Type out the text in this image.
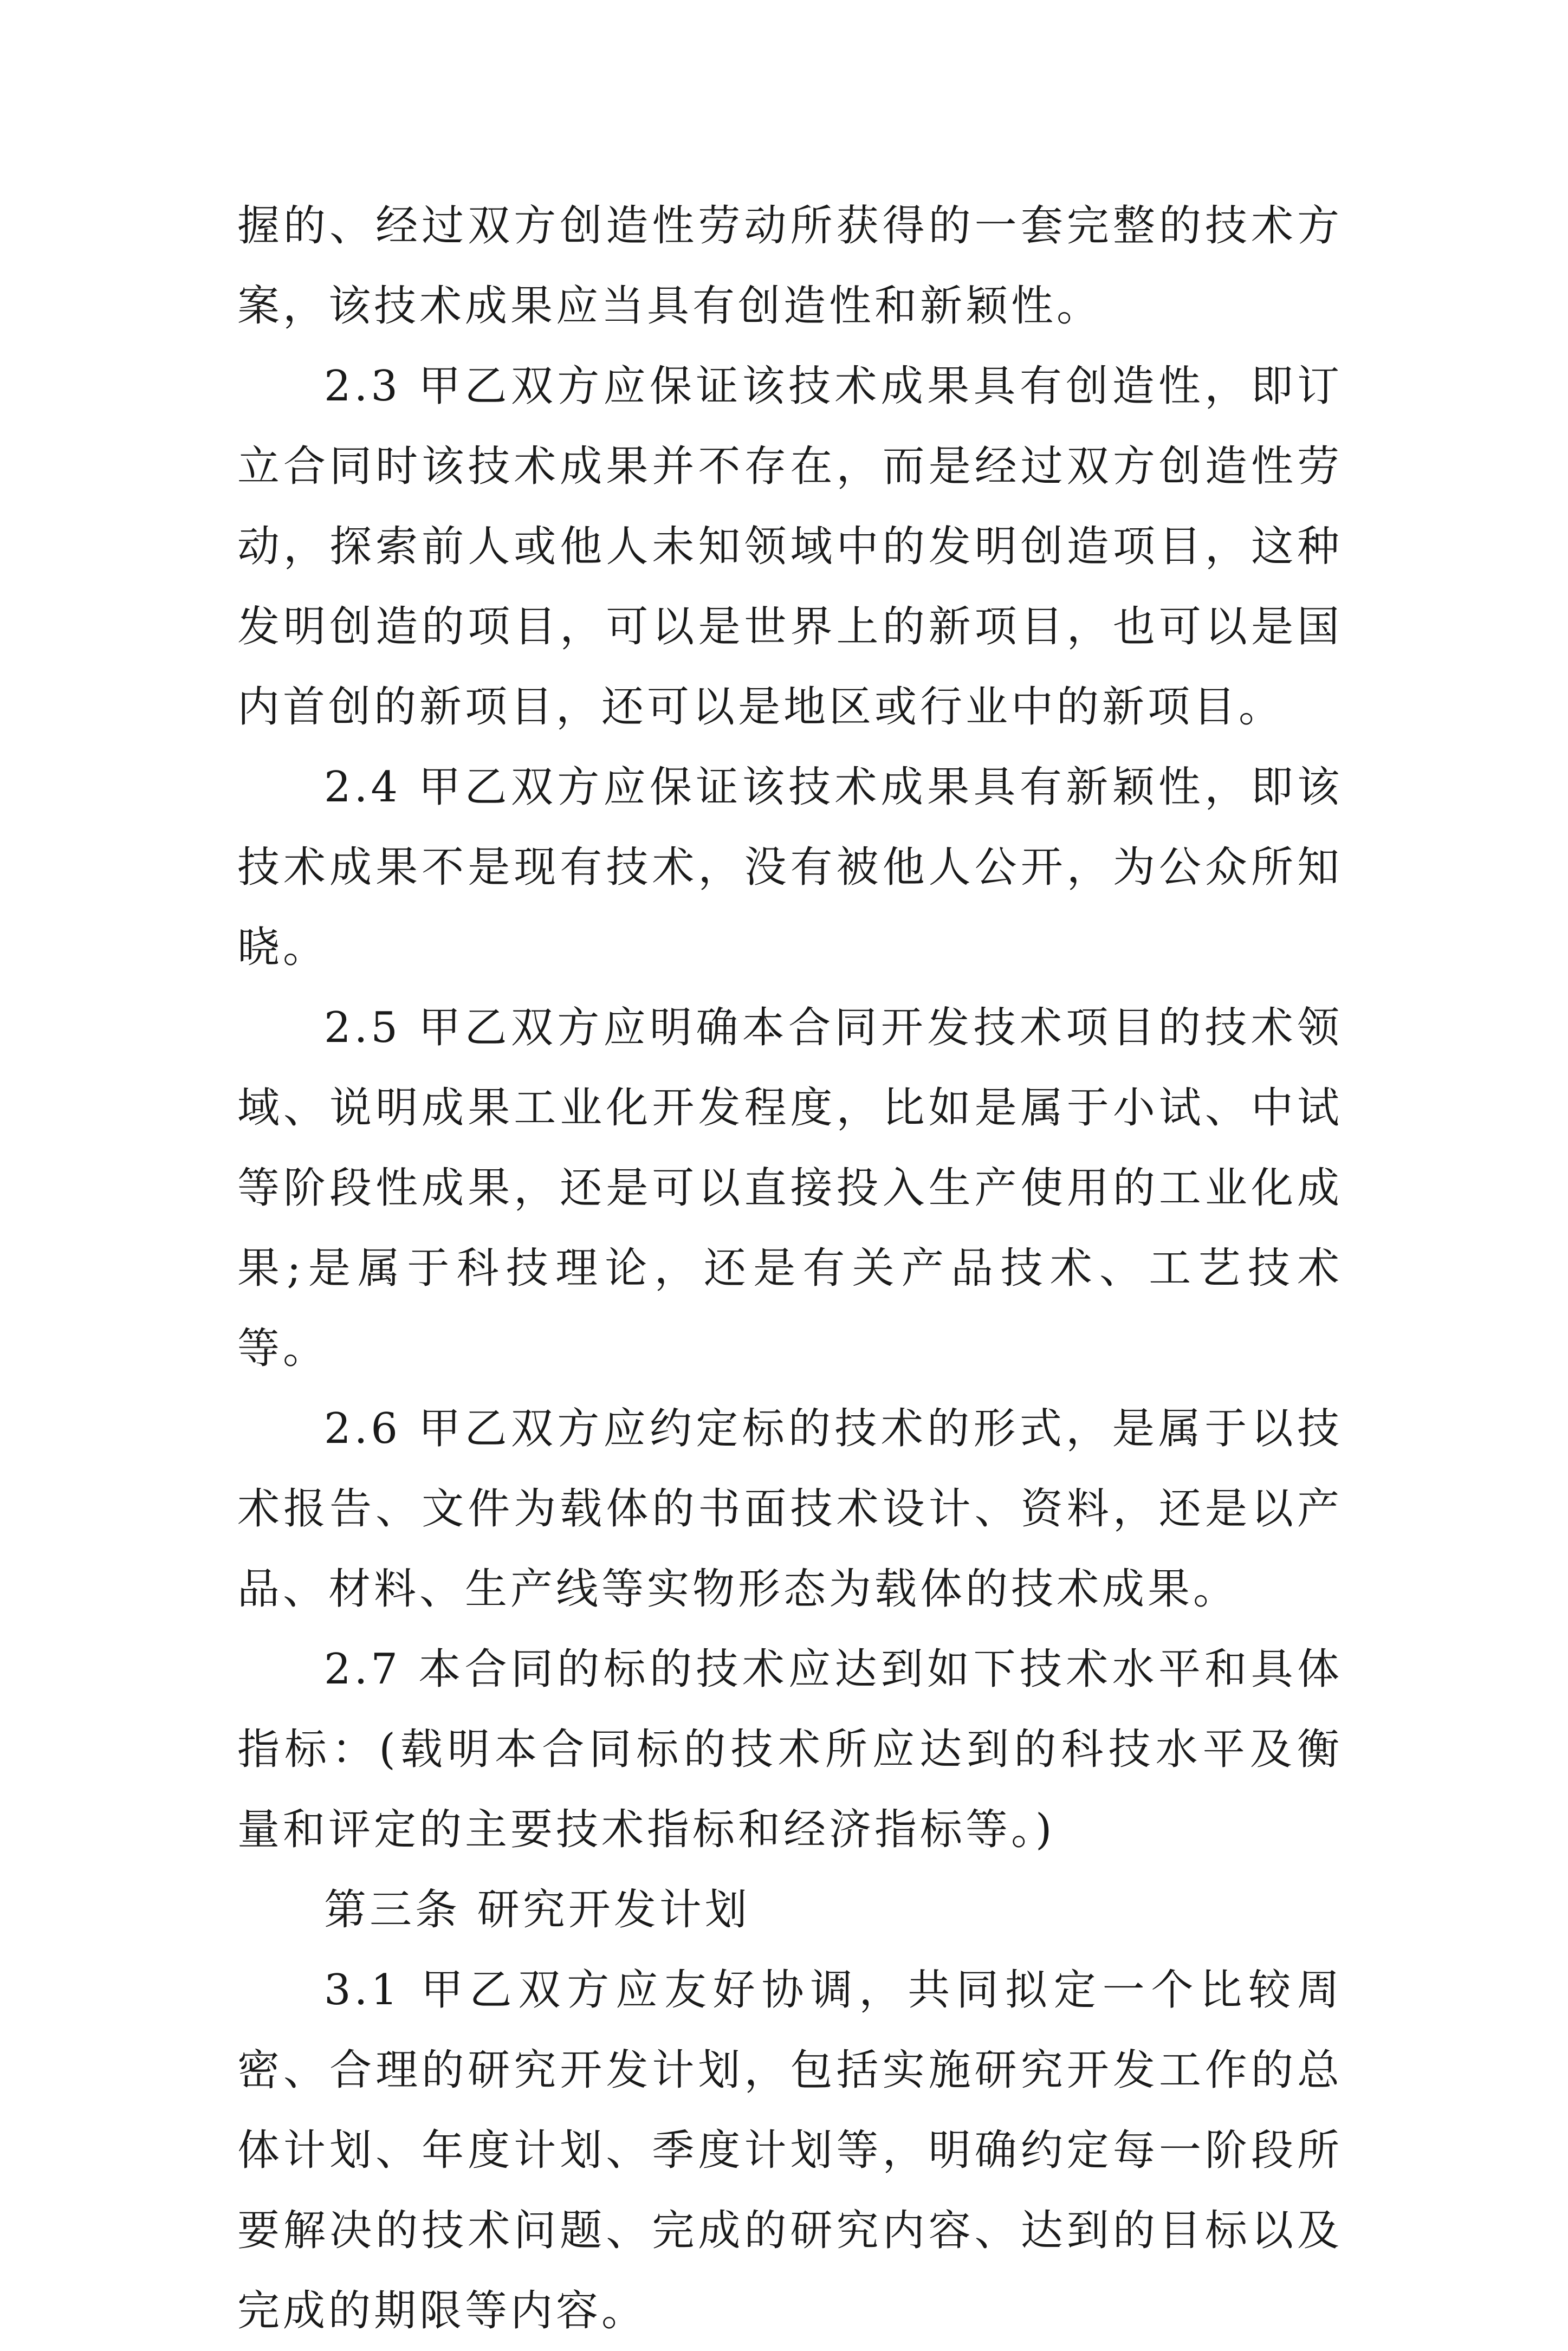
握的、经过双方创造性劳动所获得的一套完整的技术方案，该技术成果应当具有创造性和新颖性。

2.3 甲乙双方应保证该技术成果具有创造性，即订立合同时该技术成果并不存在，而是经过双方创造性劳动，探索前人或他人未知领域中的发明创造项目，这种发明创造的项目，可以是世界上的新项目，也可以是国内首创的新项目，还可以是地区或行业中的新项目。

2.4 甲乙双方应保证该技术成果具有新颖性，即该技术成果不是现有技术，没有被他人公开，为公众所知晓。

2.5 甲乙双方应明确本合同开发技术项目的技术领域、说明成果工业化开发程度，比如是属于小试、中试等阶段性成果，还是可以直接投入生产使用的工业化成果;是属于科技理论，还是有关产品技术、工艺技术等。

2.6 甲乙双方应约定标的技术的形式，是属于以技术报告、文件为载体的书面技术设计、资料，还是以产品、材料、生产线等实物形态为载体的技术成果。

2.7 本合同的标的技术应达到如下技术水平和具体指标：(载明本合同标的技术所应达到的科技水平及衡量和评定的主要技术指标和经济指标等。)

第三条 研究开发计划

3.1 甲乙双方应友好协调，共同拟定一个比较周密、合理的研究开发计划，包括实施研究开发工作的总体计划、年度计划、季度计划等，明确约定每一阶段所要解决的技术问题、完成的研究内容、达到的目标以及完成的期限等内容。
